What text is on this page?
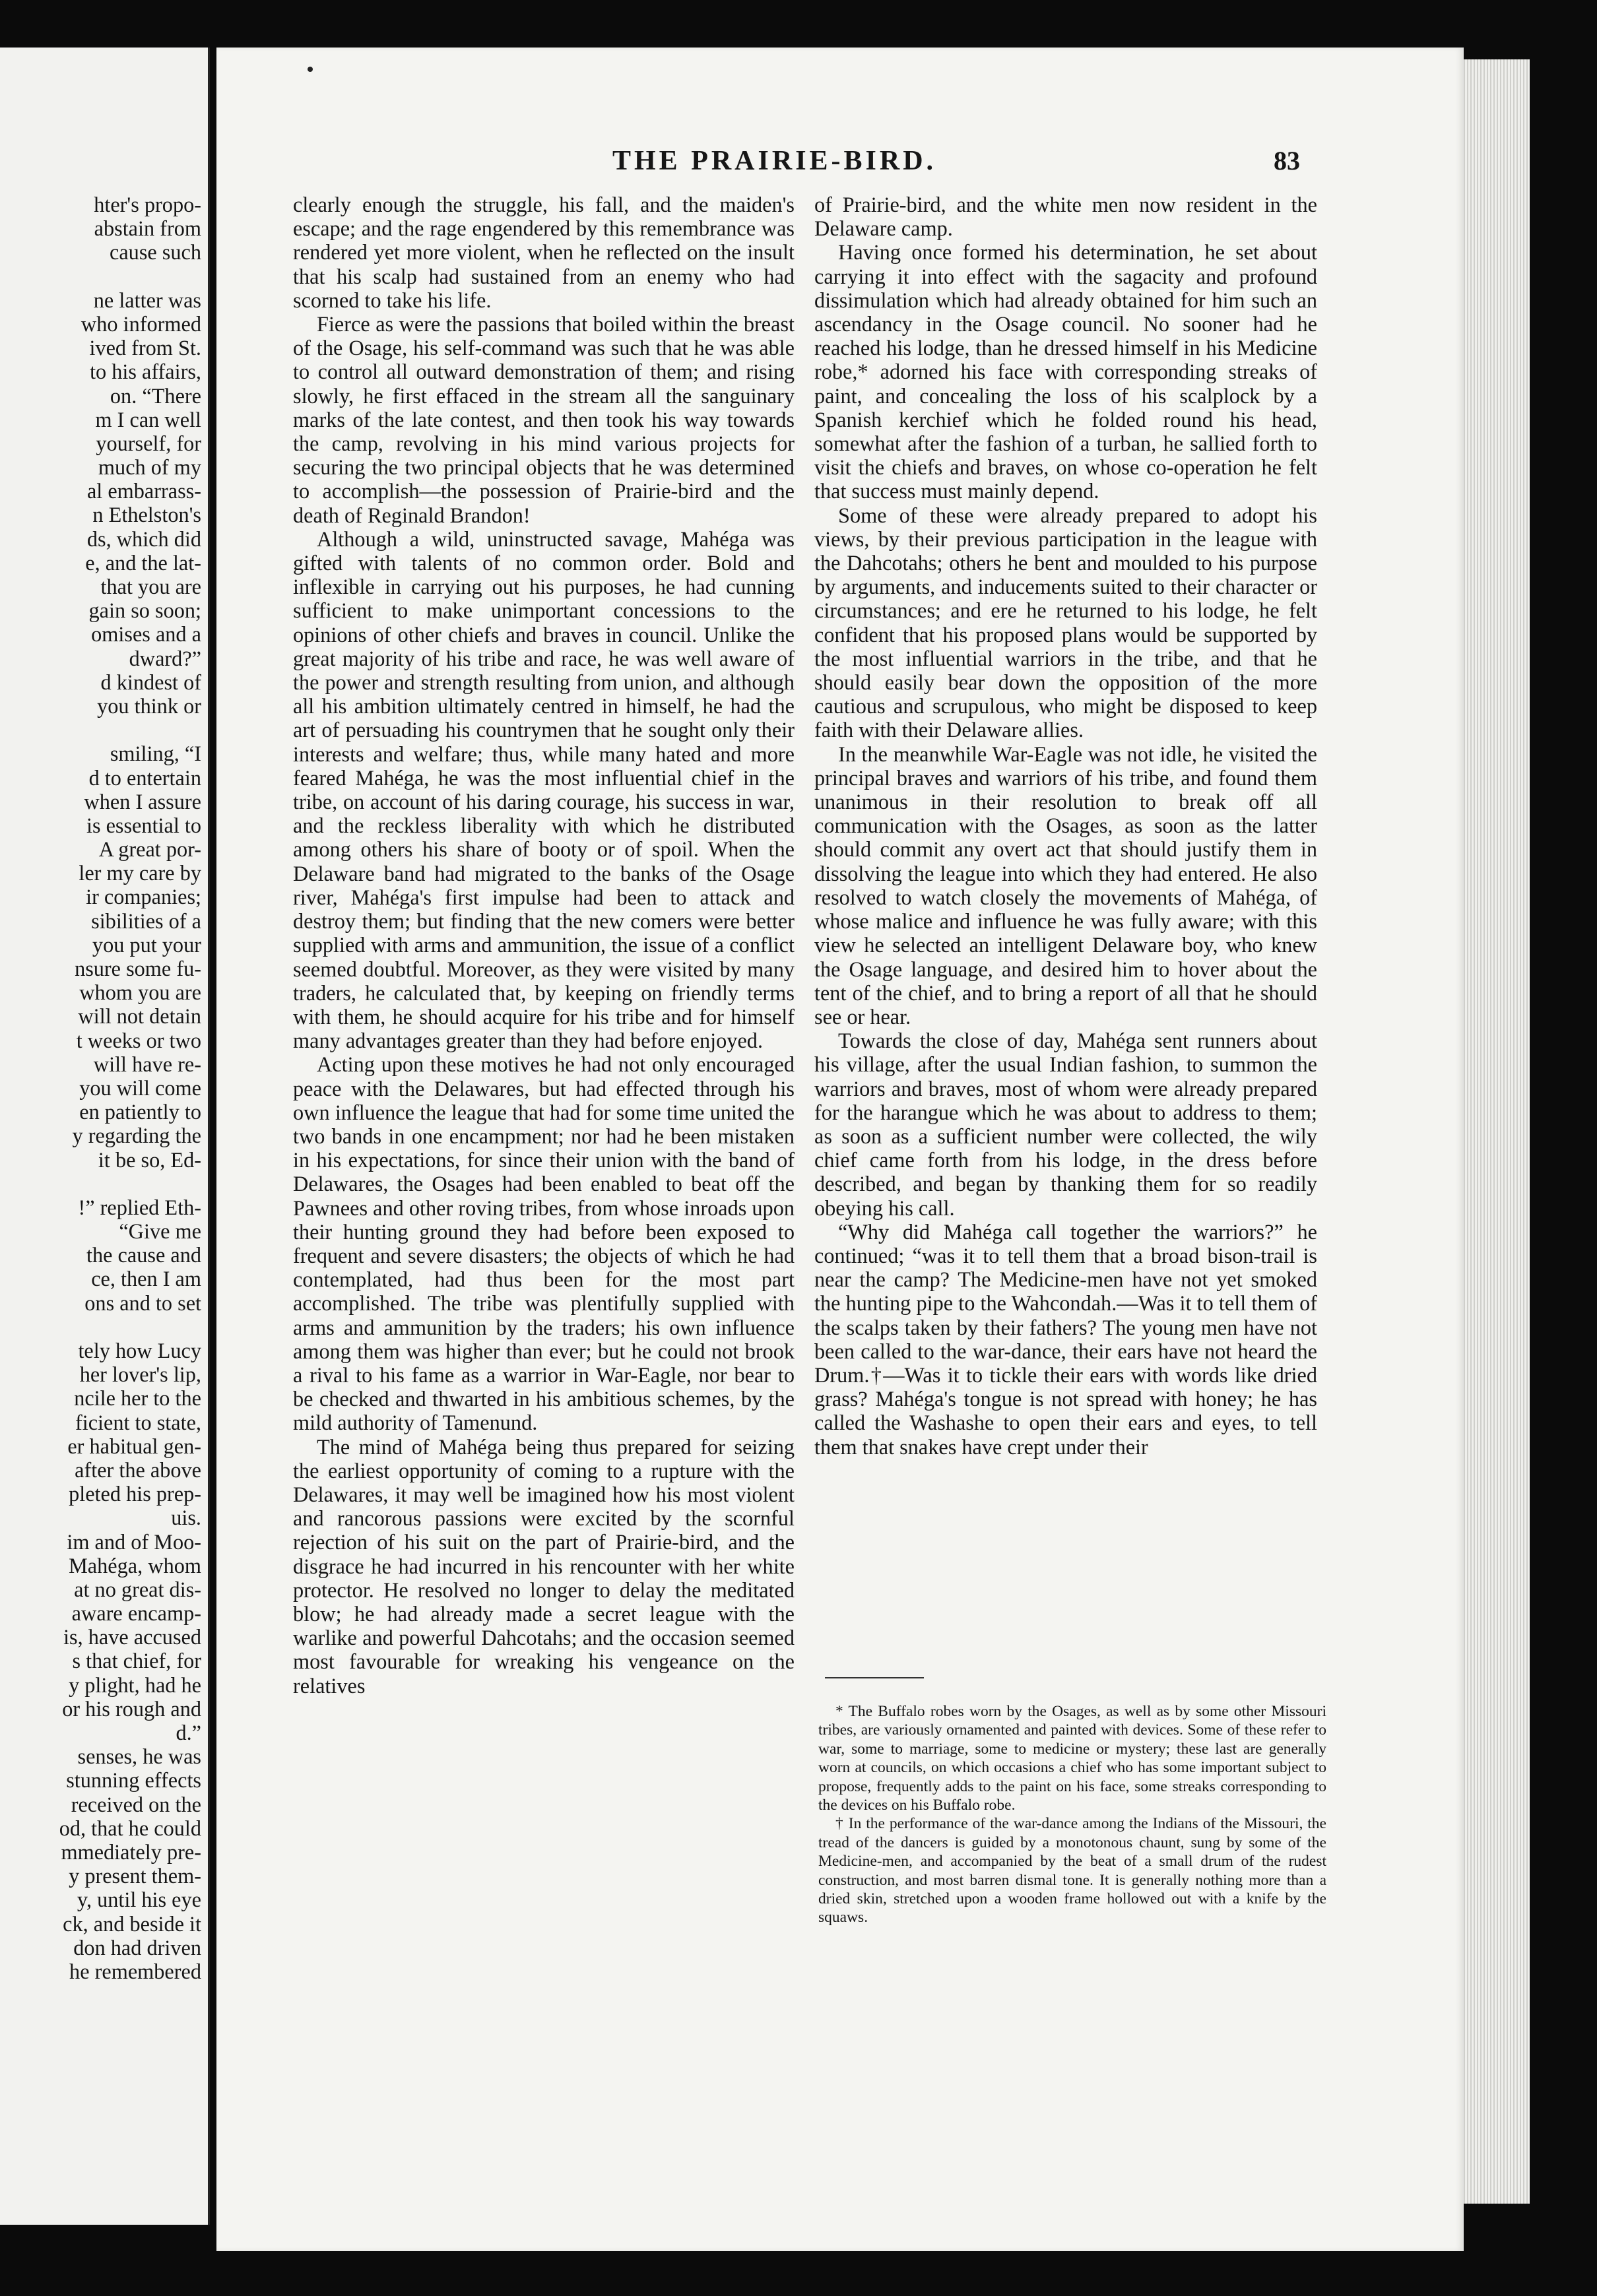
hter's propo-
abstain from
cause such
ne latter was
who informed
ived from St.
to his affairs,
on. “There
m I can well
yourself, for
much of my
al embarrass-
n Ethelston's
ds, which did
e, and the lat-
that you are
gain so soon;
omises and a
dward?”
d kindest of
you think or
smiling, “I
d to entertain
when I assure
is essential to
A great por-
ler my care by
ir companies;
sibilities of a
you put your
nsure some fu-
whom you are
will not detain
t weeks or two
will have re-
you will come
en patiently to
y regarding the
it be so, Ed-
!” replied Eth-
“Give me
the cause and
ce, then I am
ons and to set
tely how Lucy
her lover's lip,
ncile her to the
ficient to state,
er habitual gen-
after the above
pleted his prep-
uis.
im and of Moo-
Mahéga, whom
at no great dis-
aware encamp-
is, have accused
s that chief, for
y plight, had he
or his rough and
d.”
senses, he was
stunning effects
received on the
od, that he could
mmediately pre-
y present them-
y, until his eye
ck, and beside it
don had driven
he remembered
THE PRAIRIE-BIRD.	83

clearly enough the struggle, his fall, and the maiden's escape; and the rage engendered by this remembrance was rendered yet more violent, when he reflected on the insult that his scalp had sustained from an enemy who had scorned to take his life.

Fierce as were the passions that boiled within the breast of the Osage, his self-command was such that he was able to control all outward demonstration of them; and rising slowly, he first effaced in the stream all the sanguinary marks of the late contest, and then took his way towards the camp, revolving in his mind various projects for securing the two principal objects that he was determined to accomplish—the possession of Prairie-bird and the death of Reginald Brandon!

Although a wild, uninstructed savage, Mahéga was gifted with talents of no common order. Bold and inflexible in carrying out his purposes, he had cunning sufficient to make unimportant concessions to the opinions of other chiefs and braves in council. Unlike the great majority of his tribe and race, he was well aware of the power and strength resulting from union, and although all his ambition ultimately centred in himself, he had the art of persuading his countrymen that he sought only their interests and welfare; thus, while many hated and more feared Mahéga, he was the most influential chief in the tribe, on account of his daring courage, his success in war, and the reckless liberality with which he distributed among others his share of booty or of spoil. When the Delaware band had migrated to the banks of the Osage river, Mahéga's first impulse had been to attack and destroy them; but finding that the new comers were better supplied with arms and ammunition, the issue of a conflict seemed doubtful. Moreover, as they were visited by many traders, he calculated that, by keeping on friendly terms with them, he should acquire for his tribe and for himself many advantages greater than they had before enjoyed.

Acting upon these motives he had not only encouraged peace with the Delawares, but had effected through his own influence the league that had for some time united the two bands in one encampment; nor had he been mistaken in his expectations, for since their union with the band of Delawares, the Osages had been enabled to beat off the Pawnees and other roving tribes, from whose inroads upon their hunting ground they had before been exposed to frequent and severe disasters; the objects of which he had contemplated, had thus been for the most part accomplished. The tribe was plentifully supplied with arms and ammunition by the traders; his own influence among them was higher than ever; but he could not brook a rival to his fame as a warrior in War-Eagle, nor bear to be checked and thwarted in his ambitious schemes, by the mild authority of Tamenund.

The mind of Mahéga being thus prepared for seizing the earliest opportunity of coming to a rupture with the Delawares, it may well be imagined how his most violent and rancorous passions were excited by the scornful rejection of his suit on the part of Prairie-bird, and the disgrace he had incurred in his rencounter with her white protector. He resolved no longer to delay the meditated blow; he had already made a secret league with the warlike and powerful Dahcotahs; and the occasion seemed most favourable for wreaking his vengeance on the relatives

of Prairie-bird, and the white men now resident in the Delaware camp.

Having once formed his determination, he set about carrying it into effect with the sagacity and profound dissimulation which had already obtained for him such an ascendancy in the Osage council. No sooner had he reached his lodge, than he dressed himself in his Medicine robe,* adorned his face with corresponding streaks of paint, and concealing the loss of his scalplock by a Spanish kerchief which he folded round his head, somewhat after the fashion of a turban, he sallied forth to visit the chiefs and braves, on whose co-operation he felt that success must mainly depend.

Some of these were already prepared to adopt his views, by their previous participation in the league with the Dahcotahs; others he bent and moulded to his purpose by arguments, and inducements suited to their character or circumstances; and ere he returned to his lodge, he felt confident that his proposed plans would be supported by the most influential warriors in the tribe, and that he should easily bear down the opposition of the more cautious and scrupulous, who might be disposed to keep faith with their Delaware allies.

In the meanwhile War-Eagle was not idle, he visited the principal braves and warriors of his tribe, and found them unanimous in their resolution to break off all communication with the Osages, as soon as the latter should commit any overt act that should justify them in dissolving the league into which they had entered. He also resolved to watch closely the movements of Mahéga, of whose malice and influence he was fully aware; with this view he selected an intelligent Delaware boy, who knew the Osage language, and desired him to hover about the tent of the chief, and to bring a report of all that he should see or hear.

Towards the close of day, Mahéga sent runners about his village, after the usual Indian fashion, to summon the warriors and braves, most of whom were already prepared for the harangue which he was about to address to them; as soon as a sufficient number were collected, the wily chief came forth from his lodge, in the dress before described, and began by thanking them for so readily obeying his call.

“Why did Mahéga call together the warriors?” he continued; “was it to tell them that a broad bison-trail is near the camp? The Medicine-men have not yet smoked the hunting pipe to the Wahcondah.—Was it to tell them of the scalps taken by their fathers? The young men have not been called to the war-dance, their ears have not heard the Drum.†—Was it to tickle their ears with words like dried grass? Mahéga's tongue is not spread with honey; he has called the Washashe to open their ears and eyes, to tell them that snakes have crept under their

* The Buffalo robes worn by the Osages, as well as by some other Missouri tribes, are variously ornamented and painted with devices. Some of these refer to war, some to marriage, some to medicine or mystery; these last are generally worn at councils, on which occasions a chief who has some important subject to propose, frequently adds to the paint on his face, some streaks corresponding to the devices on his Buffalo robe.

† In the performance of the war-dance among the Indians of the Missouri, the tread of the dancers is guided by a monotonous chaunt, sung by some of the Medicine-men, and accompanied by the beat of a small drum of the rudest construction, and most barren dismal tone. It is generally nothing more than a dried skin, stretched upon a wooden frame hollowed out with a knife by the squaws.
